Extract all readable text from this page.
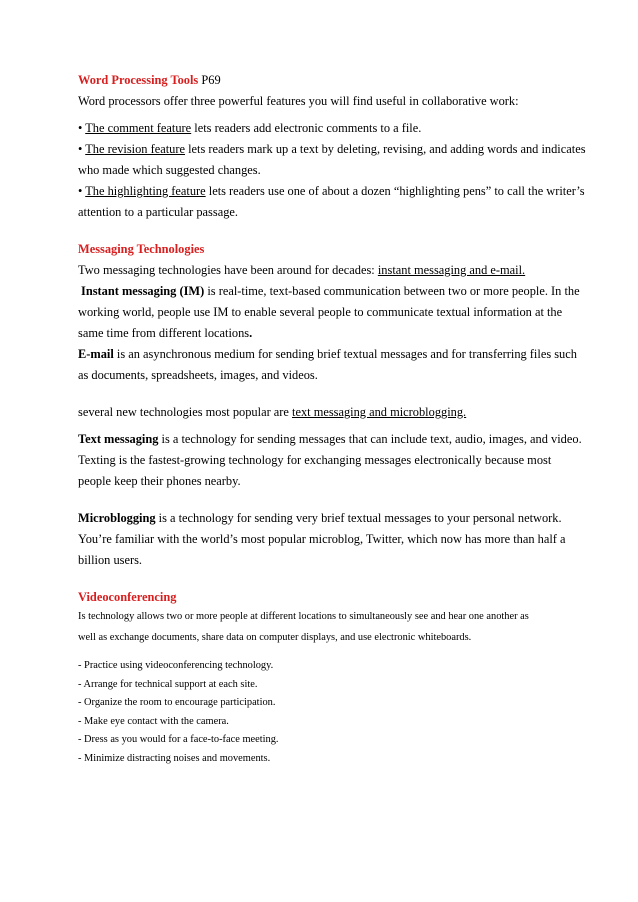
Word Processing Tools P69
Word processors offer three powerful features you will find useful in collaborative work:
• The comment feature lets readers add electronic comments to a file.
• The revision feature lets readers mark up a text by deleting, revising, and adding words and indicates
who made which suggested changes.
• The highlighting feature lets readers use one of about a dozen “highlighting pens” to call the writer’s
attention to a particular passage.
Messaging Technologies
Two messaging technologies have been around for decades: instant messaging and e-mail.
Instant messaging (IM) is real-time, text-based communication between two or more people. In the
working world, people use IM to enable several people to communicate textual information at the
same time from different locations.
E-mail is an asynchronous medium for sending brief textual messages and for transferring files such
as documents, spreadsheets, images, and videos.
several new technologies most popular are text messaging and microblogging.
Text messaging is a technology for sending messages that can include text, audio, images, and video.
Texting is the fastest-growing technology for exchanging messages electronically because most
people keep their phones nearby.
Microblogging is a technology for sending very brief textual messages to your personal network.
You’re familiar with the world’s most popular microblog, Twitter, which now has more than half a
billion users.
Videoconferencing
Is technology allows two or more people at different locations to simultaneously see and hear one another as
well as exchange documents, share data on computer displays, and use electronic whiteboards.
- Practice using videoconferencing technology.
- Arrange for technical support at each site.
- Organize the room to encourage participation.
- Make eye contact with the camera.
- Dress as you would for a face-to-face meeting.
- Minimize distracting noises and movements.
